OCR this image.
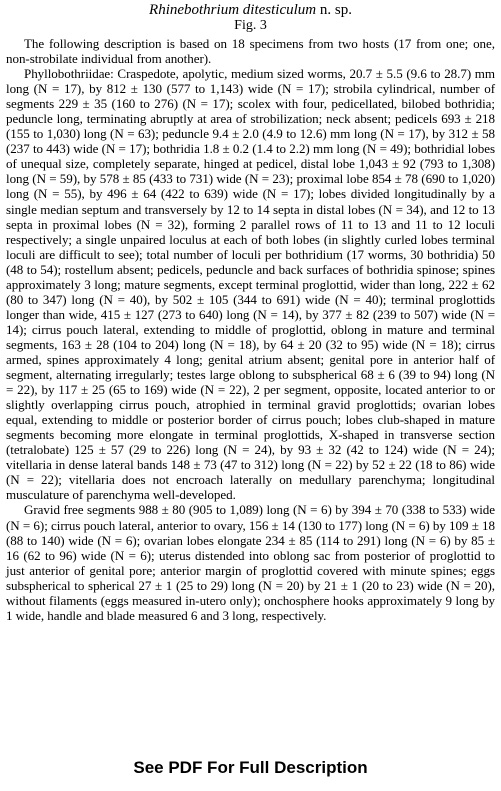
Rhinebothrium ditesticulum n. sp.

Fig. 3

The following description is based on 18 specimens from two hosts (17 from one; one, non-strobilate individual from another).

Phyllobothriidae: Craspedote, apolytic, medium sized worms, 20.7 ± 5.5 (9.6 to 28.7) mm long (N = 17), by 812 ± 130 (577 to 1,143) wide (N = 17); strobila cylindrical, number of segments 229 ± 35 (160 to 276) (N = 17); scolex with four, pedicellated, bilobed bothridia; peduncle long, terminating abruptly at area of strobilization; neck absent; pedicels 693 ± 218 (155 to 1,030) long (N = 63); peduncle 9.4 ± 2.0 (4.9 to 12.6) mm long (N = 17), by 312 ± 58 (237 to 443) wide (N = 17); bothridia 1.8 ± 0.2 (1.4 to 2.2) mm long (N = 49); bothridial lobes of unequal size, completely separate, hinged at pedicel, distal lobe 1,043 ± 92 (793 to 1,308) long (N = 59), by 578 ± 85 (433 to 731) wide (N = 23); proximal lobe 854 ± 78 (690 to 1,020) long (N = 55), by 496 ± 64 (422 to 639) wide (N = 17); lobes divided longitudinally by a single median septum and transversely by 12 to 14 septa in distal lobes (N = 34), and 12 to 13 septa in proximal lobes (N = 32), forming 2 parallel rows of 11 to 13 and 11 to 12 loculi respectively; a single unpaired loculus at each of both lobes (in slightly curled lobes terminal loculi are difficult to see); total number of loculi per bothridium (17 worms, 30 bothridia) 50 (48 to 54); rostellum absent; pedicels, peduncle and back surfaces of bothridia spinose; spines approximately 3 long; mature segments, except terminal proglottid, wider than long, 222 ± 62 (80 to 347) long (N = 40), by 502 ± 105 (344 to 691) wide (N = 40); terminal proglottids longer than wide, 415 ± 127 (273 to 640) long (N = 14), by 377 ± 82 (239 to 507) wide (N = 14); cirrus pouch lateral, extending to middle of proglottid, oblong in mature and terminal segments, 163 ± 28 (104 to 204) long (N = 18), by 64 ± 20 (32 to 95) wide (N = 18); cirrus armed, spines approximately 4 long; genital atrium absent; genital pore in anterior half of segment, alternating irregularly; testes large oblong to subspherical 68 ± 6 (39 to 94) long (N = 22), by 117 ± 25 (65 to 169) wide (N = 22), 2 per segment, opposite, located anterior to or slightly overlapping cirrus pouch, atrophied in terminal gravid proglottids; ovarian lobes equal, extending to middle or posterior border of cirrus pouch; lobes club-shaped in mature segments becoming more elongate in terminal proglottids, X-shaped in transverse section (tetralobate) 125 ± 57 (29 to 226) long (N = 24), by 93 ± 32 (42 to 124) wide (N = 24); vitellaria in dense lateral bands 148 ± 73 (47 to 312) long (N = 22) by 52 ± 22 (18 to 86) wide (N = 22); vitellaria does not encroach laterally on medullary parenchyma; longitudinal musculature of parenchyma well-developed.

Gravid free segments 988 ± 80 (905 to 1,089) long (N = 6) by 394 ± 70 (338 to 533) wide (N = 6); cirrus pouch lateral, anterior to ovary, 156 ± 14 (130 to 177) long (N = 6) by 109 ± 18 (88 to 140) wide (N = 6); ovarian lobes elongate 234 ± 85 (114 to 291) long (N = 6) by 85 ± 16 (62 to 96) wide (N = 6); uterus distended into oblong sac from posterior of proglottid to just anterior of genital pore; anterior margin of proglottid covered with minute spines; eggs subspherical to spherical 27 ± 1 (25 to 29) long (N = 20) by 21 ± 1 (20 to 23) wide (N = 20), without filaments (eggs measured in-utero only); onchosphere hooks approximately 9 long by 1 wide, handle and blade measured 6 and 3 long, respectively.

See PDF For Full Description
